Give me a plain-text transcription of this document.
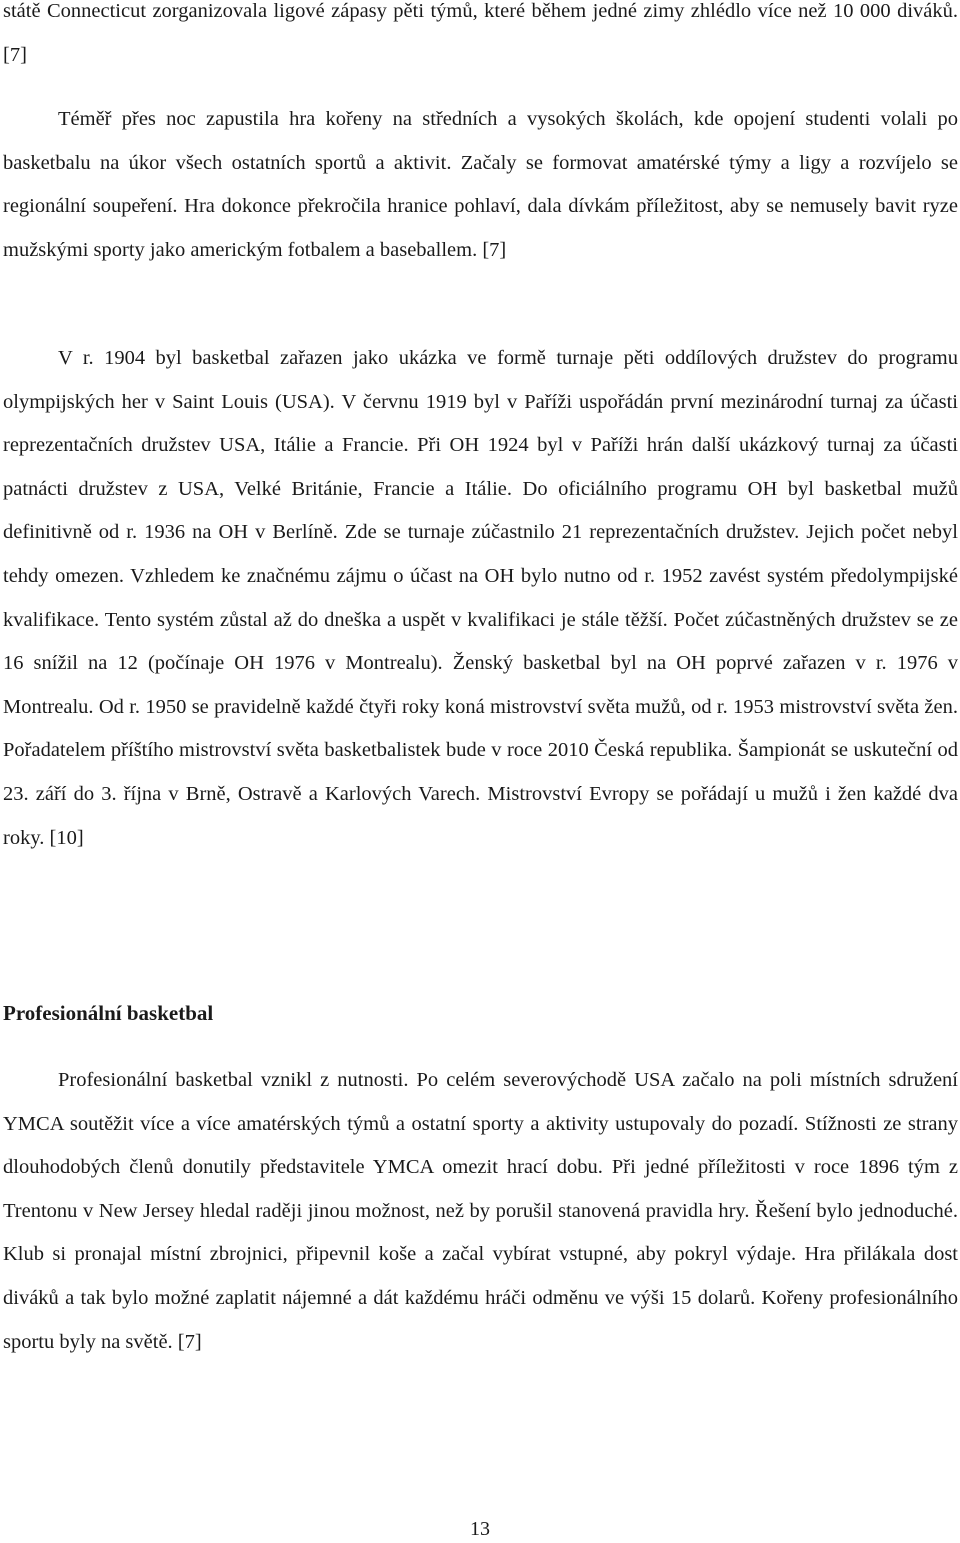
státě Connecticut zorganizovala ligové zápasy pěti týmů, které během jedné zimy zhlédlo více než 10 000 diváků. [7]

Téměř přes noc zapustila hra kořeny na středních a vysokých školách, kde opojení studenti volali po basketbalu na úkor všech ostatních sportů a aktivit. Začaly se formovat amatérské týmy a ligy a rozvíjelo se regionální soupeření. Hra dokonce překročila hranice pohlaví, dala dívkám příležitost, aby se nemusely bavit ryze mužskými sporty jako americkým fotbalem a baseballem. [7]

V r. 1904 byl basketbal zařazen jako ukázka ve formě turnaje pěti oddílových družstev do programu olympijských her v Saint Louis (USA). V červnu 1919 byl v Paříži uspořádán první mezinárodní turnaj za účasti reprezentačních družstev USA, Itálie a Francie. Při OH 1924 byl v Paříži hrán další ukázkový turnaj za účasti patnácti družstev z USA, Velké Británie, Francie a Itálie. Do oficiálního programu OH byl basketbal mužů definitivně od r. 1936 na OH v Berlíně. Zde se turnaje zúčastnilo 21 reprezentačních družstev. Jejich počet nebyl tehdy omezen. Vzhledem ke značnému zájmu o účast na OH bylo nutno od r. 1952 zavést systém předolympijské kvalifikace. Tento systém zůstal až do dneška a uspět v kvalifikaci je stále těžší. Počet zúčastněných družstev se ze 16 snížil na 12 (počínaje OH 1976 v Montrealu). Ženský basketbal byl na OH poprvé zařazen v r. 1976 v Montrealu. Od r. 1950 se pravidelně každé čtyři roky koná mistrovství světa mužů, od r. 1953 mistrovství světa žen. Pořadatelem příštího mistrovství světa basketbalistek bude v roce 2010 Česká republika. Šampionát se uskuteční od 23. září do 3. října v Brně, Ostravě a Karlových Varech. Mistrovství Evropy se pořádají u mužů i žen každé dva roky. [10]

Profesionální basketbal

Profesionální basketbal vznikl z nutnosti. Po celém severovýchodě USA začalo na poli místních sdružení YMCA soutěžit více a více amatérských týmů a ostatní sporty a aktivity ustupovaly do pozadí. Stížnosti ze strany dlouhodobých členů donutily představitele YMCA omezit hrací dobu. Při jedné příležitosti v roce 1896 tým z Trentonu v New Jersey hledal raději jinou možnost, než by porušil stanovená pravidla hry. Řešení bylo jednoduché. Klub si pronajal místní zbrojnici, připevnil koše a začal vybírat vstupné, aby pokryl výdaje. Hra přilákala dost diváků a tak bylo možné zaplatit nájemné a dát každému hráči odměnu ve výši 15 dolarů. Kořeny profesionálního sportu byly na světě. [7]

13
